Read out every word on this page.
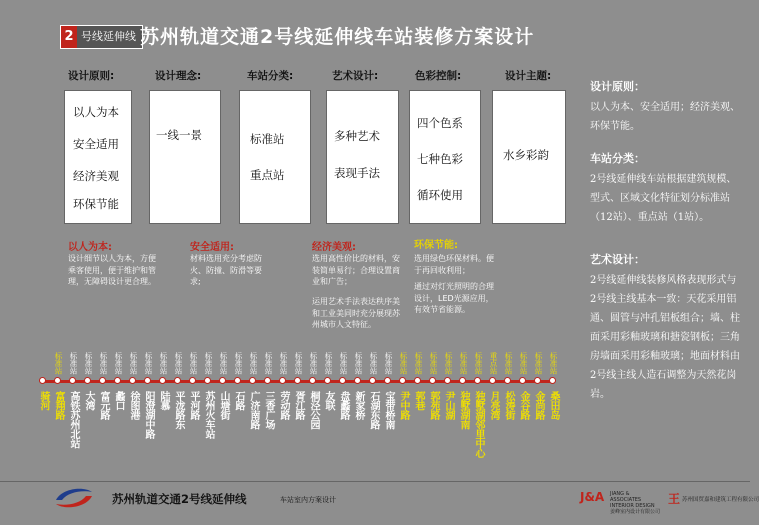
2 号线延伸线 苏州轨道交通2号线延伸线车站装修方案设计
设计原则:	设计理念:	车站分类:	艺术设计:	色彩控制:	设计主题:
以人为本
安全适用
经济美观
环保节能
一线一景	标准站
重点站
多种艺术
表现手法
四个色系
七种色彩
循环使用
水乡彩韵
以人为本:
设计细节以人为本，方便乘客使用，便于维护和管理，无障碍设计更合理。
安全适用:
材料选用充分考虑防火、防撞、防滑等要求;
经济美观:
选用高性价比的材料，安装简单易行；合理设置商业和广告；
运用艺术手法表达秩序美和工业美同时充分展现苏州城市人文特征。
环保节能:
选用绿色环保材料。便于再回收利用；
通过对灯光照明的合理设计，LED光源应用，有效节省能源。
设计原则：
以人为本、安全适用；经济美观、环保节能。
车站分类：
2号线延伸线车站根据建筑规模、型式、区域文化特征划分标准站（12站）、重点站（1站）。
艺术设计：
2号线延伸线装修风格表现形式与2号线主线基本一致：天花采用铝通、圆管与冲孔铝板组合；墙、柱面采用彩釉玻璃和搪瓷钢板；三角房墙面采用彩釉玻璃；地面材料由2号线主线人造石调整为天然花岗岩。
骑河
标准站
富翔路
标准站
高铁苏州北站
标准站
大湾
标准站
富元路
标准站
蠡口
标准站
徐图港
标准站
阳澄湖中路
标准站
陆慕
标准站
平泷路东
标准站
平河路
标准站
苏州火车站
标准站
山塘街
标准站
石路
标准站
广济南路
标准站
三香广场
标准站
劳动路
标准站
胥江路
标准站
桐泾公园
标准站
友联
标准站
盘蠡路
标准站
新家桥
标准站
石湖东路
标准站
宝带桥南
标准站
尹中路
标准站
郭巷
标准站
郭苑路
标准站
尹山湖
标准站
独墅湖南
标准站
独墅湖邻里中心
重点站
月亮湾
标准站
松涛街
标准站
金谷路
标准站
金尚路
标准站
桑田岛
苏州轨道交通2号线延伸线	车站室内方案设计	J&A JIANG & ASSOCIATES INTERIOR DESIGN 姜峰室内设计有限公司
王 苏州国贸嘉和建筑工程有限公司
